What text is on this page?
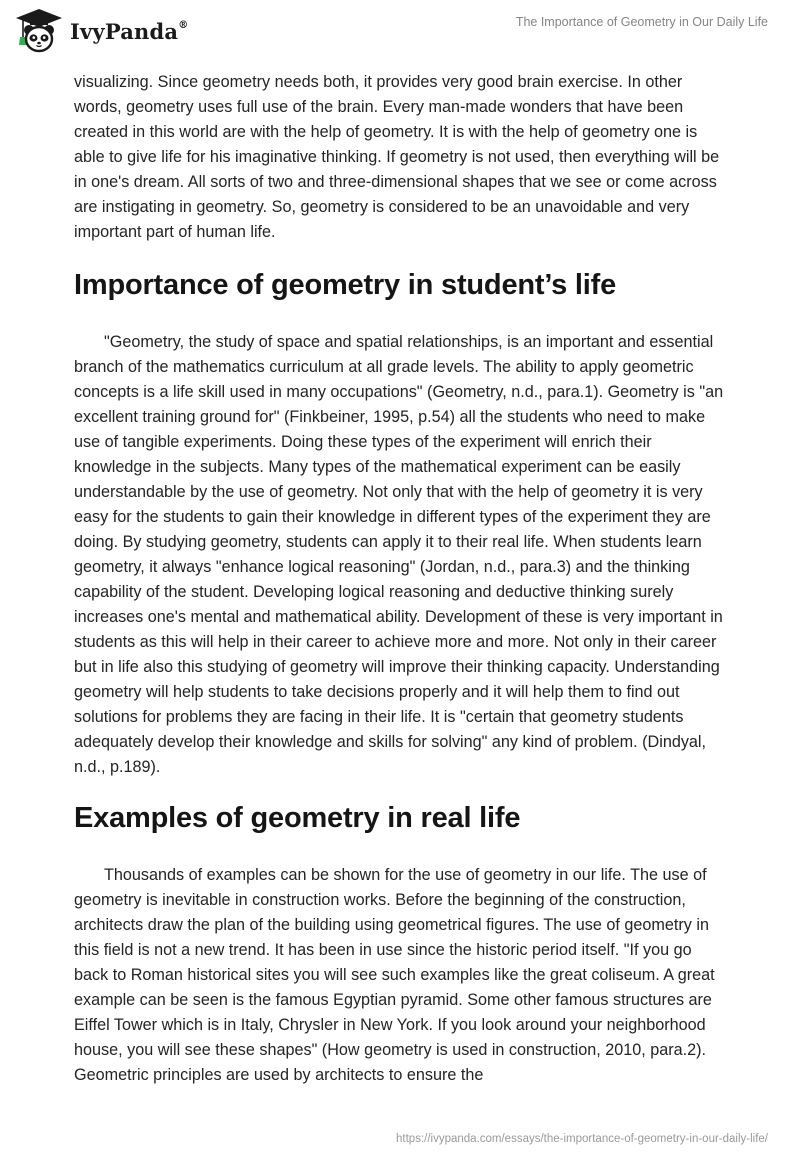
IvyPanda®	The Importance of Geometry in Our Daily Life

visualizing. Since geometry needs both, it provides very good brain exercise. In other words, geometry uses full use of the brain. Every man-made wonders that have been created in this world are with the help of geometry. It is with the help of geometry one is able to give life for his imaginative thinking. If geometry is not used, then everything will be in one's dream. All sorts of two and three-dimensional shapes that we see or come across are instigating in geometry. So, geometry is considered to be an unavoidable and very important part of human life.

Importance of geometry in student’s life

"Geometry, the study of space and spatial relationships, is an important and essential branch of the mathematics curriculum at all grade levels. The ability to apply geometric concepts is a life skill used in many occupations" (Geometry, n.d., para.1). Geometry is "an excellent training ground for" (Finkbeiner, 1995, p.54) all the students who need to make use of tangible experiments. Doing these types of the experiment will enrich their knowledge in the subjects. Many types of the mathematical experiment can be easily understandable by the use of geometry. Not only that with the help of geometry it is very easy for the students to gain their knowledge in different types of the experiment they are doing. By studying geometry, students can apply it to their real life. When students learn geometry, it always "enhance logical reasoning" (Jordan, n.d., para.3) and the thinking capability of the student. Developing logical reasoning and deductive thinking surely increases one's mental and mathematical ability. Development of these is very important in students as this will help in their career to achieve more and more. Not only in their career but in life also this studying of geometry will improve their thinking capacity. Understanding geometry will help students to take decisions properly and it will help them to find out solutions for problems they are facing in their life. It is "certain that geometry students adequately develop their knowledge and skills for solving" any kind of problem. (Dindyal, n.d., p.189).

Examples of geometry in real life

Thousands of examples can be shown for the use of geometry in our life. The use of geometry is inevitable in construction works. Before the beginning of the construction, architects draw the plan of the building using geometrical figures. The use of geometry in this field is not a new trend. It has been in use since the historic period itself. "If you go back to Roman historical sites you will see such examples like the great coliseum. A great example can be seen is the famous Egyptian pyramid. Some other famous structures are Eiffel Tower which is in Italy, Chrysler in New York. If you look around your neighborhood house, you will see these shapes" (How geometry is used in construction, 2010, para.2). Geometric principles are used by architects to ensure the

https://ivypanda.com/essays/the-importance-of-geometry-in-our-daily-life/
